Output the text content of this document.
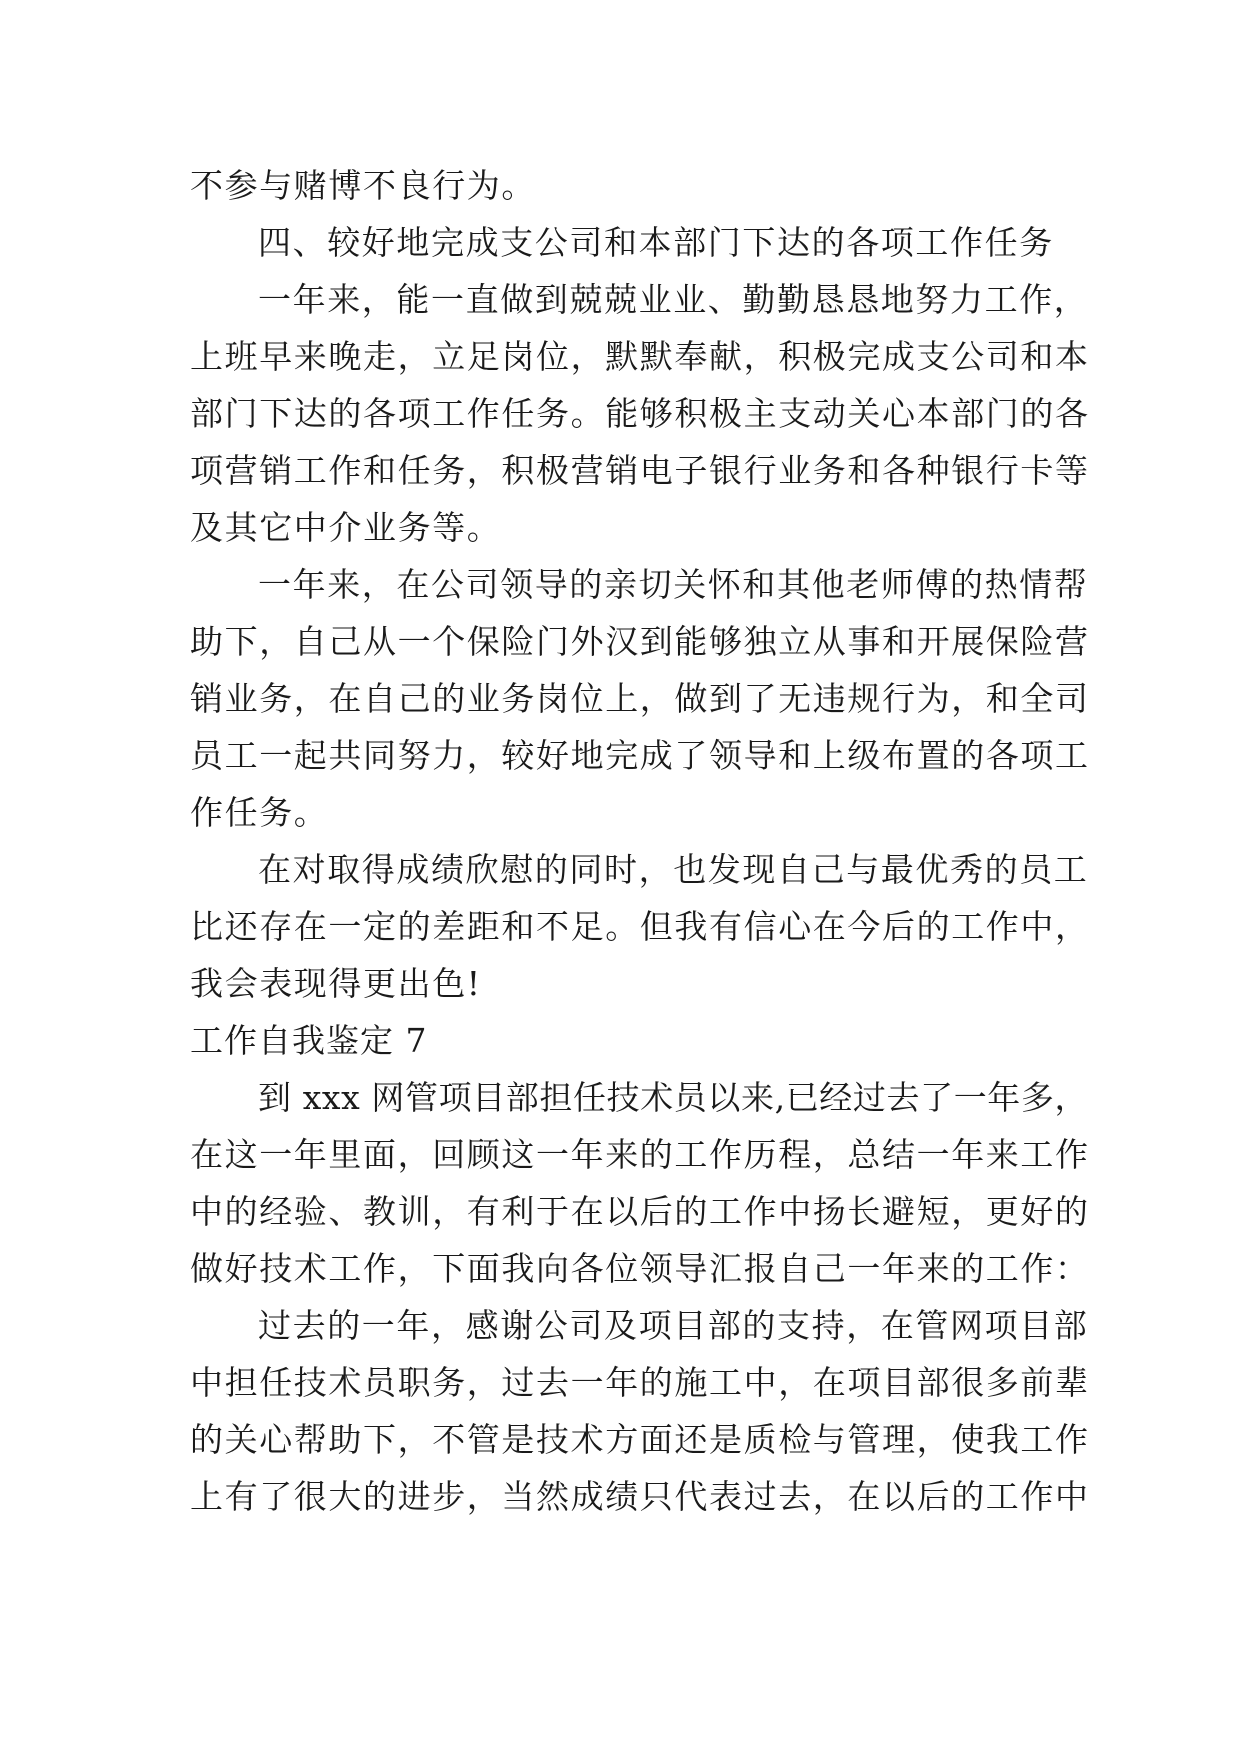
不参与赌博不良行为。
四、较好地完成支公司和本部门下达的各项工作任务
一年来，能一直做到兢兢业业、勤勤恳恳地努力工作，
上班早来晚走，立足岗位，默默奉献，积极完成支公司和本
部门下达的各项工作任务。能够积极主支动关心本部门的各
项营销工作和任务，积极营销电子银行业务和各种银行卡等
及其它中介业务等。
一年来，在公司领导的亲切关怀和其他老师傅的热情帮
助下，自己从一个保险门外汉到能够独立从事和开展保险营
销业务，在自己的业务岗位上，做到了无违规行为，和全司
员工一起共同努力，较好地完成了领导和上级布置的各项工
作任务。
在对取得成绩欣慰的同时，也发现自己与最优秀的员工
比还存在一定的差距和不足。但我有信心在今后的工作中，
我会表现得更出色!
工作自我鉴定 7
到 xxx 网管项目部担任技术员以来,已经过去了一年多，
在这一年里面，回顾这一年来的工作历程，总结一年来工作
中的经验、教训，有利于在以后的工作中扬长避短，更好的
做好技术工作，下面我向各位领导汇报自己一年来的工作：
过去的一年，感谢公司及项目部的支持，在管网项目部
中担任技术员职务，过去一年的施工中，在项目部很多前辈
的关心帮助下，不管是技术方面还是质检与管理，使我工作
上有了很大的进步，当然成绩只代表过去，在以后的工作中
